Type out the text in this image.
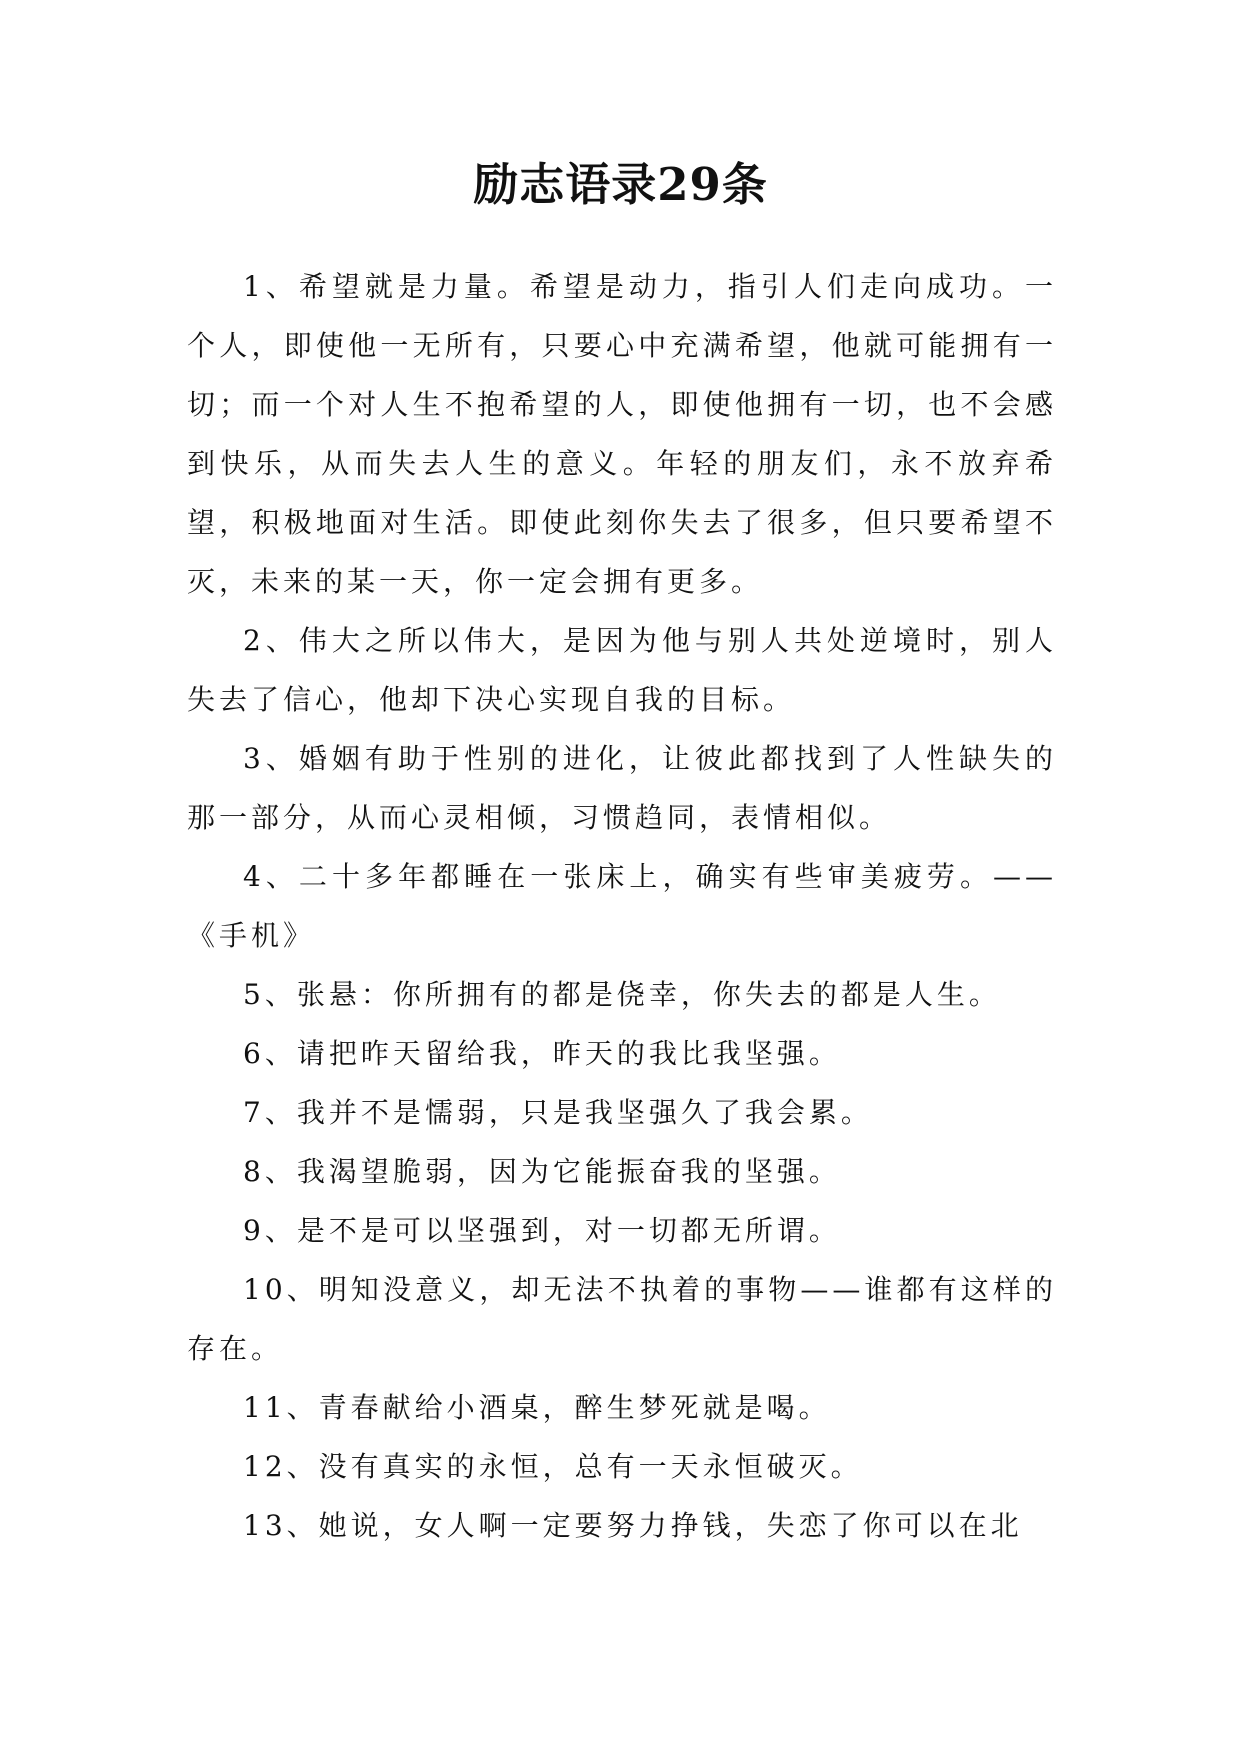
励志语录29条

1、希望就是力量。希望是动力，指引人们走向成功。一个人，即使他一无所有，只要心中充满希望，他就可能拥有一切；而一个对人生不抱希望的人，即使他拥有一切，也不会感到快乐，从而失去人生的意义。年轻的朋友们，永不放弃希望，积极地面对生活。即使此刻你失去了很多，但只要希望不灭，未来的某一天，你一定会拥有更多。

2、伟大之所以伟大，是因为他与别人共处逆境时，别人失去了信心，他却下决心实现自我的目标。

3、婚姻有助于性别的进化，让彼此都找到了人性缺失的那一部分，从而心灵相倾，习惯趋同，表情相似。

4、二十多年都睡在一张床上，确实有些审美疲劳。——《手机》

5、张悬：你所拥有的都是侥幸，你失去的都是人生。

6、请把昨天留给我，昨天的我比我坚强。

7、我并不是懦弱，只是我坚强久了我会累。

8、我渴望脆弱，因为它能振奋我的坚强。

9、是不是可以坚强到，对一切都无所谓。

10、明知没意义，却无法不执着的事物——谁都有这样的存在。

11、青春献给小酒桌，醉生梦死就是喝。

12、没有真实的永恒，总有一天永恒破灭。

13、她说，女人啊一定要努力挣钱，失恋了你可以在北
